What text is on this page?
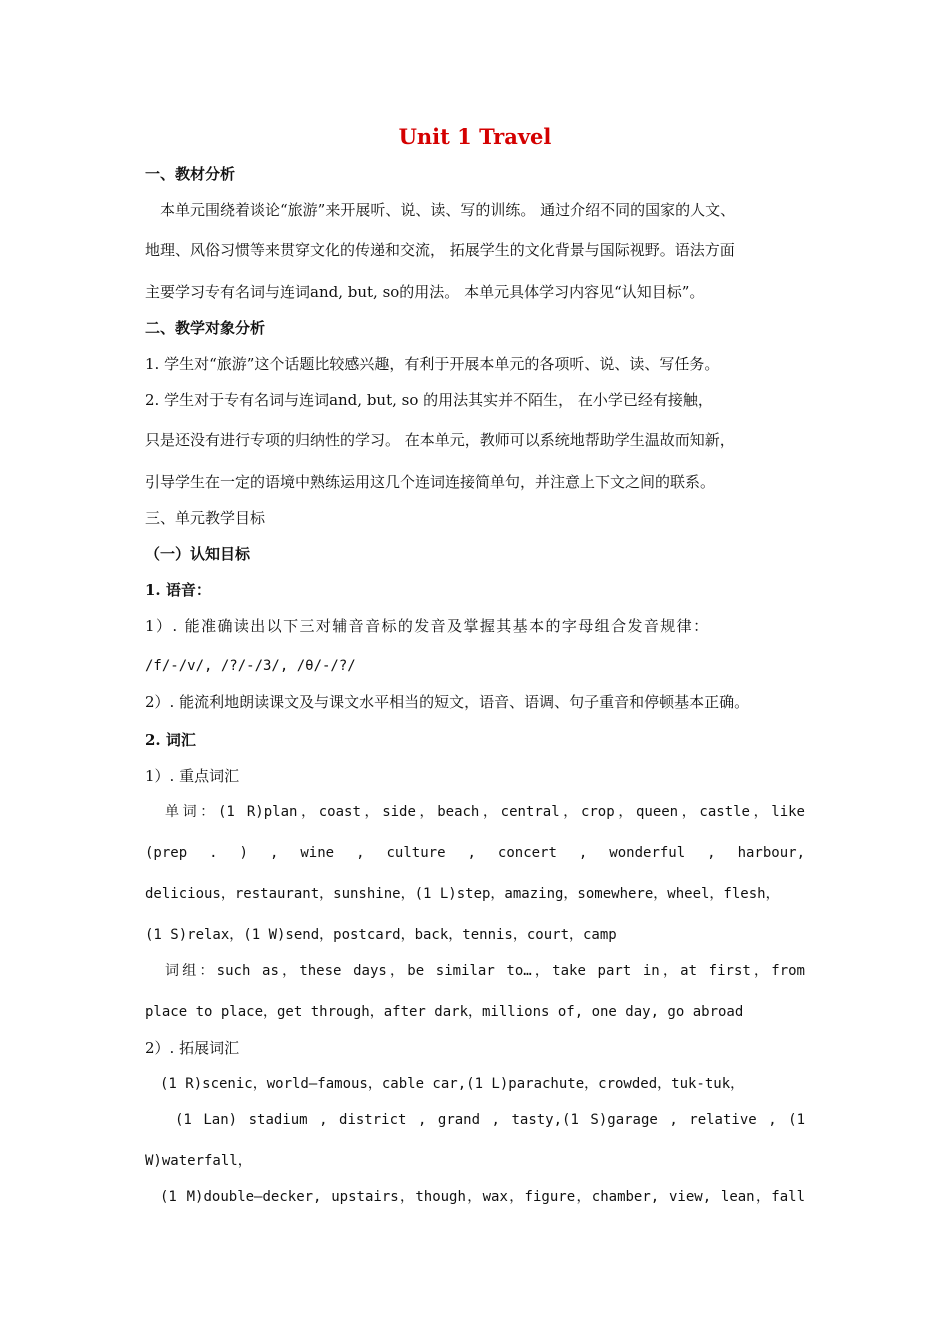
Unit 1 Travel
一、教材分析
本单元围绕着谈论“旅游”来开展听、说、读、写的训练。 通过介绍不同的国家的人文、
地理、风俗习惯等来贯穿文化的传递和交流， 拓展学生的文化背景与国际视野。语法方面
主要学习专有名词与连词and, but, so的用法。 本单元具体学习内容见“认知目标”。
二、教学对象分析
1. 学生对“旅游”这个话题比较感兴趣，有利于开展本单元的各项听、说、读、写任务。
2. 学生对于专有名词与连词and, but, so 的用法其实并不陌生， 在小学已经有接触，
只是还没有进行专项的归纳性的学习。 在本单元，教师可以系统地帮助学生温故而知新，
引导学生在一定的语境中熟练运用这几个连词连接简单句，并注意上下文之间的联系。
三、单元教学目标
（一）认知目标
1. 语音：
1）. 能准确读出以下三对辅音音标的发音及掌握其基本的字母组合发音规律：
/f/-/v/, /?/-/3/, /θ/-/?/
2）. 能流利地朗读课文及与课文水平相当的短文，语音、语调、句子重音和停顿基本正确。
2. 词汇
1）. 重点词汇
单词：(1 R)plan，coast，side，beach，central，crop，queen，castle，like
(prep . ) , wine , culture , concert , wonderful , harbour,
delicious，restaurant，sunshine，(1 L)step，amazing，somewhere，wheel，flesh，
(1 S)relax，(1 W)send，postcard，back，tennis，court，camp
词组：such as，these days，be similar to…，take part in，at first，from
place to place，get through，after dark，millions of, one day, go abroad
2）. 拓展词汇
(1 R)scenic，world—famous，cable car,(1 L)parachute，crowded，tuk-tuk，
(1 Lan) stadium , district , grand , tasty,(1 S)garage , relative , (1
W)waterfall，
(1 M)double—decker, upstairs，though，wax，figure，chamber, view, lean，fall
